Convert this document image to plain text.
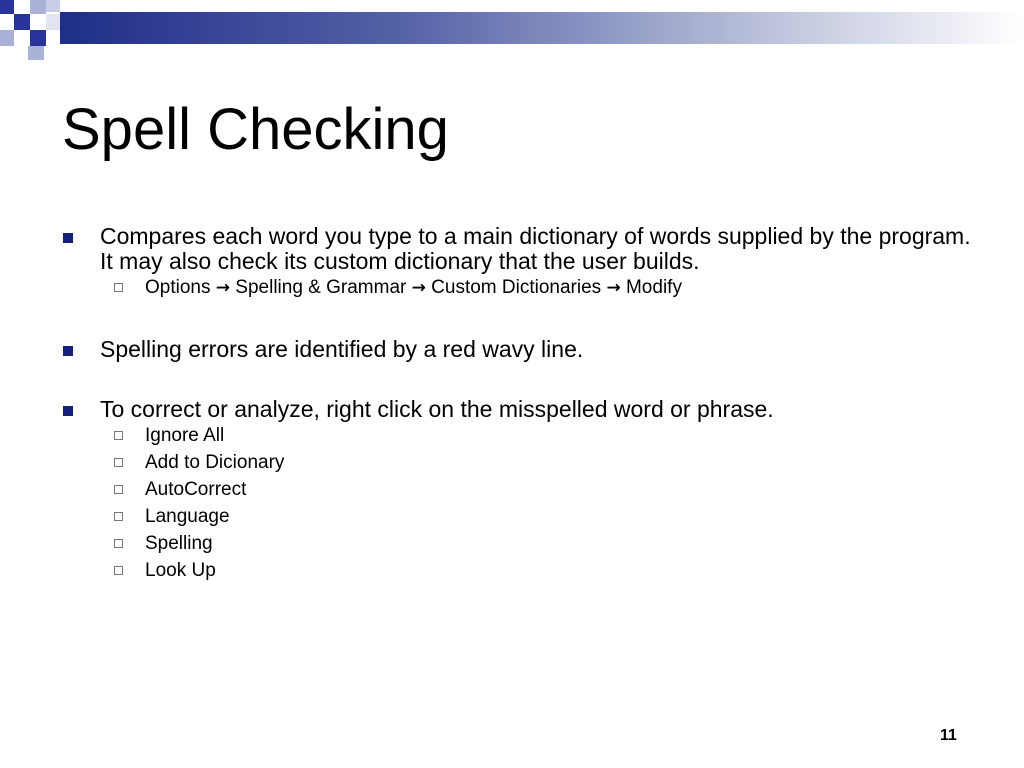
Spell Checking
Compares each word you type to a main dictionary of words supplied by the program. It may also check its custom dictionary that the user builds.
Options → Spelling & Grammar → Custom Dictionaries → Modify
Spelling errors are identified by a red wavy line.
To correct or analyze, right click on the misspelled word or phrase.
Ignore All
Add to Dicionary
AutoCorrect
Language
Spelling
Look Up
11
